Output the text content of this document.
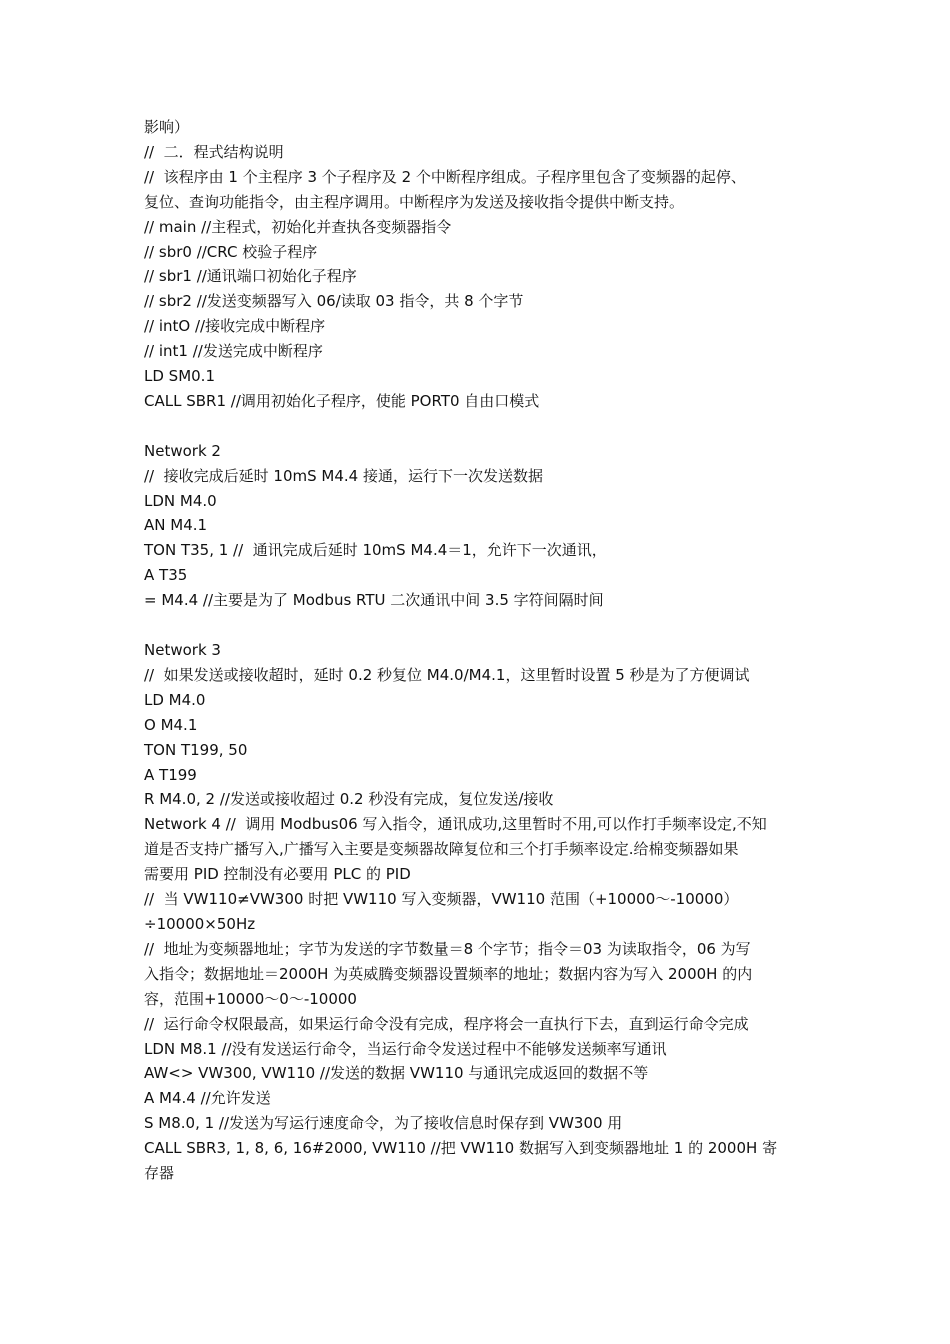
影响）
//  二．程式结构说明
//  该程序由 1 个主程序 3 个子程序及 2 个中断程序组成。子程序里包含了变频器的起停、
复位、查询功能指令，由主程序调用。中断程序为发送及接收指令提供中断支持。
// main //主程式，初始化并查执各变频器指令
// sbr0 //CRC 校验子程序
// sbr1 //通讯端口初始化子程序
// sbr2 //发送变频器写入 06/读取 03 指令，共 8 个字节
// intO //接收完成中断程序
// int1 //发送完成中断程序
LD SM0.1
CALL SBR1 //调用初始化子程序，使能 PORT0 自由口模式
Network 2
//  接收完成后延时 10mS M4.4 接通，运行下一次发送数据
LDN M4.0
AN M4.1
TON T35, 1 //  通讯完成后延时 10mS M4.4＝1，允许下一次通讯，
A T35
= M4.4 //主要是为了 Modbus RTU 二次通讯中间 3.5 字符间隔时间
Network 3
//  如果发送或接收超时，延时 0.2 秒复位 M4.0/M4.1，这里暂时设置 5 秒是为了方便调试
LD M4.0
O M4.1
TON T199, 50
A T199
R M4.0, 2 //发送或接收超过 0.2 秒没有完成，复位发送/接收
Network 4 //  调用 Modbus06 写入指令，通讯成功,这里暂时不用,可以作打手频率设定,不知
道是否支持广播写入,广播写入主要是变频器故障复位和三个打手频率设定.给棉变频器如果
需要用 PID 控制没有必要用 PLC 的 PID
//  当 VW110≠VW300 时把 VW110 写入变频器，VW110 范围（+10000～-10000）
÷10000×50Hz
//  地址为变频器地址；字节为发送的字节数量＝8 个字节；指令＝03 为读取指令，06 为写
入指令；数据地址＝2000H 为英威腾变频器设置频率的地址；数据内容为写入 2000H 的内
容，范围+10000～0～-10000
//  运行命令权限最高，如果运行命令没有完成，程序将会一直执行下去，直到运行命令完成
LDN M8.1 //没有发送运行命令，当运行命令发送过程中不能够发送频率写通讯
AW<> VW300, VW110 //发送的数据 VW110 与通讯完成返回的数据不等
A M4.4 //允许发送
S M8.0, 1 //发送为写运行速度命令，为了接收信息时保存到 VW300 用
CALL SBR3, 1, 8, 6, 16#2000, VW110 //把 VW110 数据写入到变频器地址 1 的 2000H 寄
存器
